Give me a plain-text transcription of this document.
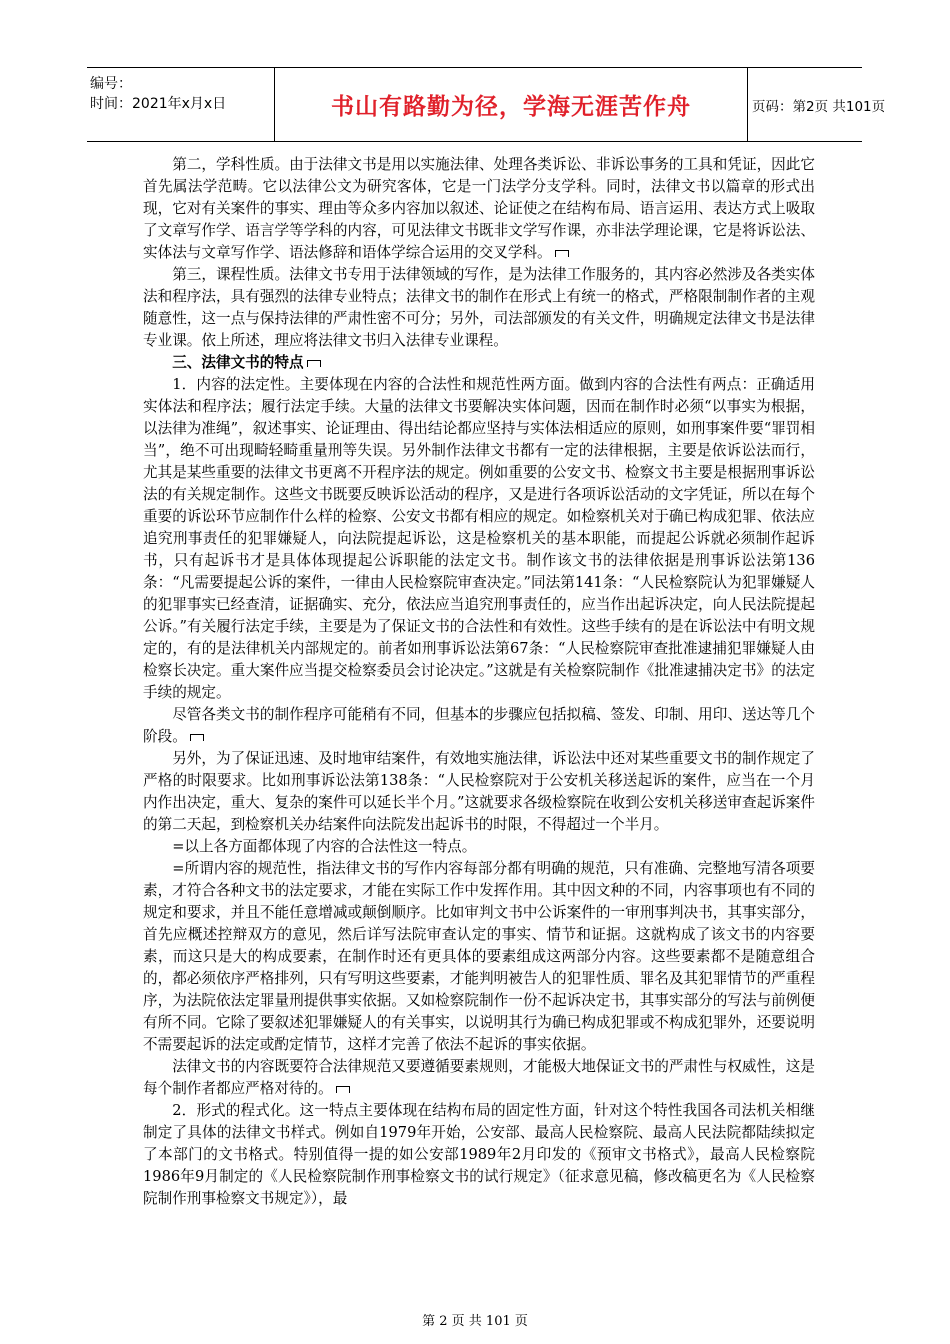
编号：
时间：2021年x月x日	书山有路勤为径，学海无涯苦作舟	页码：第2页 共101页

第二，学科性质。由于法律文书是用以实施法律、处理各类诉讼、非诉讼事务的工具和凭证，因此它首先属法学范畴。它以法律公文为研究客体，它是一门法学分支学科。同时，法律文书以篇章的形式出现，它对有关案件的事实、理由等众多内容加以叙述、论证使之在结构布局、语言运用、表达方式上吸取了文章写作学、语言学等学科的内容，可见法律文书既非文学写作课，亦非法学理论课，它是将诉讼法、实体法与文章写作学、语法修辞和语体学综合运用的交叉学科。

第三，课程性质。法律文书专用于法律领域的写作，是为法律工作服务的，其内容必然涉及各类实体法和程序法，具有强烈的法律专业特点；法律文书的制作在形式上有统一的格式，严格限制制作者的主观随意性，这一点与保持法律的严肃性密不可分；另外，司法部颁发的有关文件，明确规定法律文书是法律专业课。依上所述，理应将法律文书归入法律专业课程。

三、法律文书的特点

1．内容的法定性。主要体现在内容的合法性和规范性两方面。做到内容的合法性有两点：正确适用实体法和程序法；履行法定手续。大量的法律文书要解决实体问题，因而在制作时必须“以事实为根据，以法律为准绳”，叙述事实、论证理由、得出结论都应坚持与实体法相适应的原则，如刑事案件要“罪罚相当”，绝不可出现畸轻畸重量刑等失误。另外制作法律文书都有一定的法律根据，主要是依诉讼法而行，尤其是某些重要的法律文书更离不开程序法的规定。例如重要的公安文书、检察文书主要是根据刑事诉讼法的有关规定制作。这些文书既要反映诉讼活动的程序，又是进行各项诉讼活动的文字凭证，所以在每个重要的诉讼环节应制作什么样的检察、公安文书都有相应的规定。如检察机关对于确已构成犯罪、依法应追究刑事责任的犯罪嫌疑人，向法院提起诉讼，这是检察机关的基本职能，而提起公诉就必须制作起诉书，只有起诉书才是具体体现提起公诉职能的法定文书。制作该文书的法律依据是刑事诉讼法第136条：“凡需要提起公诉的案件，一律由人民检察院审查决定。”同法第141条：“人民检察院认为犯罪嫌疑人的犯罪事实已经查清，证据确实、充分，依法应当追究刑事责任的，应当作出起诉决定，向人民法院提起公诉。”有关履行法定手续，主要是为了保证文书的合法性和有效性。这些手续有的是在诉讼法中有明文规定的，有的是法律机关内部规定的。前者如刑事诉讼法第67条：“人民检察院审查批准逮捕犯罪嫌疑人由检察长决定。重大案件应当提交检察委员会讨论决定。”这就是有关检察院制作《批准逮捕决定书》的法定手续的规定。

尽管各类文书的制作程序可能稍有不同，但基本的步骤应包括拟稿、签发、印制、用印、送达等几个阶段。

另外，为了保证迅速、及时地审结案件，有效地实施法律，诉讼法中还对某些重要文书的制作规定了严格的时限要求。比如刑事诉讼法第138条：“人民检察院对于公安机关移送起诉的案件，应当在一个月内作出决定，重大、复杂的案件可以延长半个月。”这就要求各级检察院在收到公安机关移送审查起诉案件的第二天起，到检察机关办结案件向法院发出起诉书的时限，不得超过一个半月。

=以上各方面都体现了内容的合法性这一特点。

=所谓内容的规范性，指法律文书的写作内容每部分都有明确的规范，只有准确、完整地写清各项要素，才符合各种文书的法定要求，才能在实际工作中发挥作用。其中因文种的不同，内容事项也有不同的规定和要求，并且不能任意增减或颠倒顺序。比如审判文书中公诉案件的一审刑事判决书，其事实部分，首先应概述控辩双方的意见，然后详写法院审查认定的事实、情节和证据。这就构成了该文书的内容要素，而这只是大的构成要素，在制作时还有更具体的要素组成这两部分内容。这些要素都不是随意组合的，都必须依序严格排列，只有写明这些要素，才能判明被告人的犯罪性质、罪名及其犯罪情节的严重程序，为法院依法定罪量刑提供事实依据。又如检察院制作一份不起诉决定书，其事实部分的写法与前例便有所不同。它除了要叙述犯罪嫌疑人的有关事实，以说明其行为确已构成犯罪或不构成犯罪外，还要说明不需要起诉的法定或酌定情节，这样才完善了依法不起诉的事实依据。

法律文书的内容既要符合法律规范又要遵循要素规则，才能极大地保证文书的严肃性与权威性，这是每个制作者都应严格对待的。

2．形式的程式化。这一特点主要体现在结构布局的固定性方面，针对这个特性我国各司法机关相继制定了具体的法律文书样式。例如自1979年开始，公安部、最高人民检察院、最高人民法院都陆续拟定了本部门的文书格式。特别值得一提的如公安部1989年2月印发的《预审文书格式》，最高人民检察院1986年9月制定的《人民检察院制作刑事检察文书的试行规定》（征求意见稿，修改稿更名为《人民检察院制作刑事检察文书规定》），最

第 2 页 共 101 页
